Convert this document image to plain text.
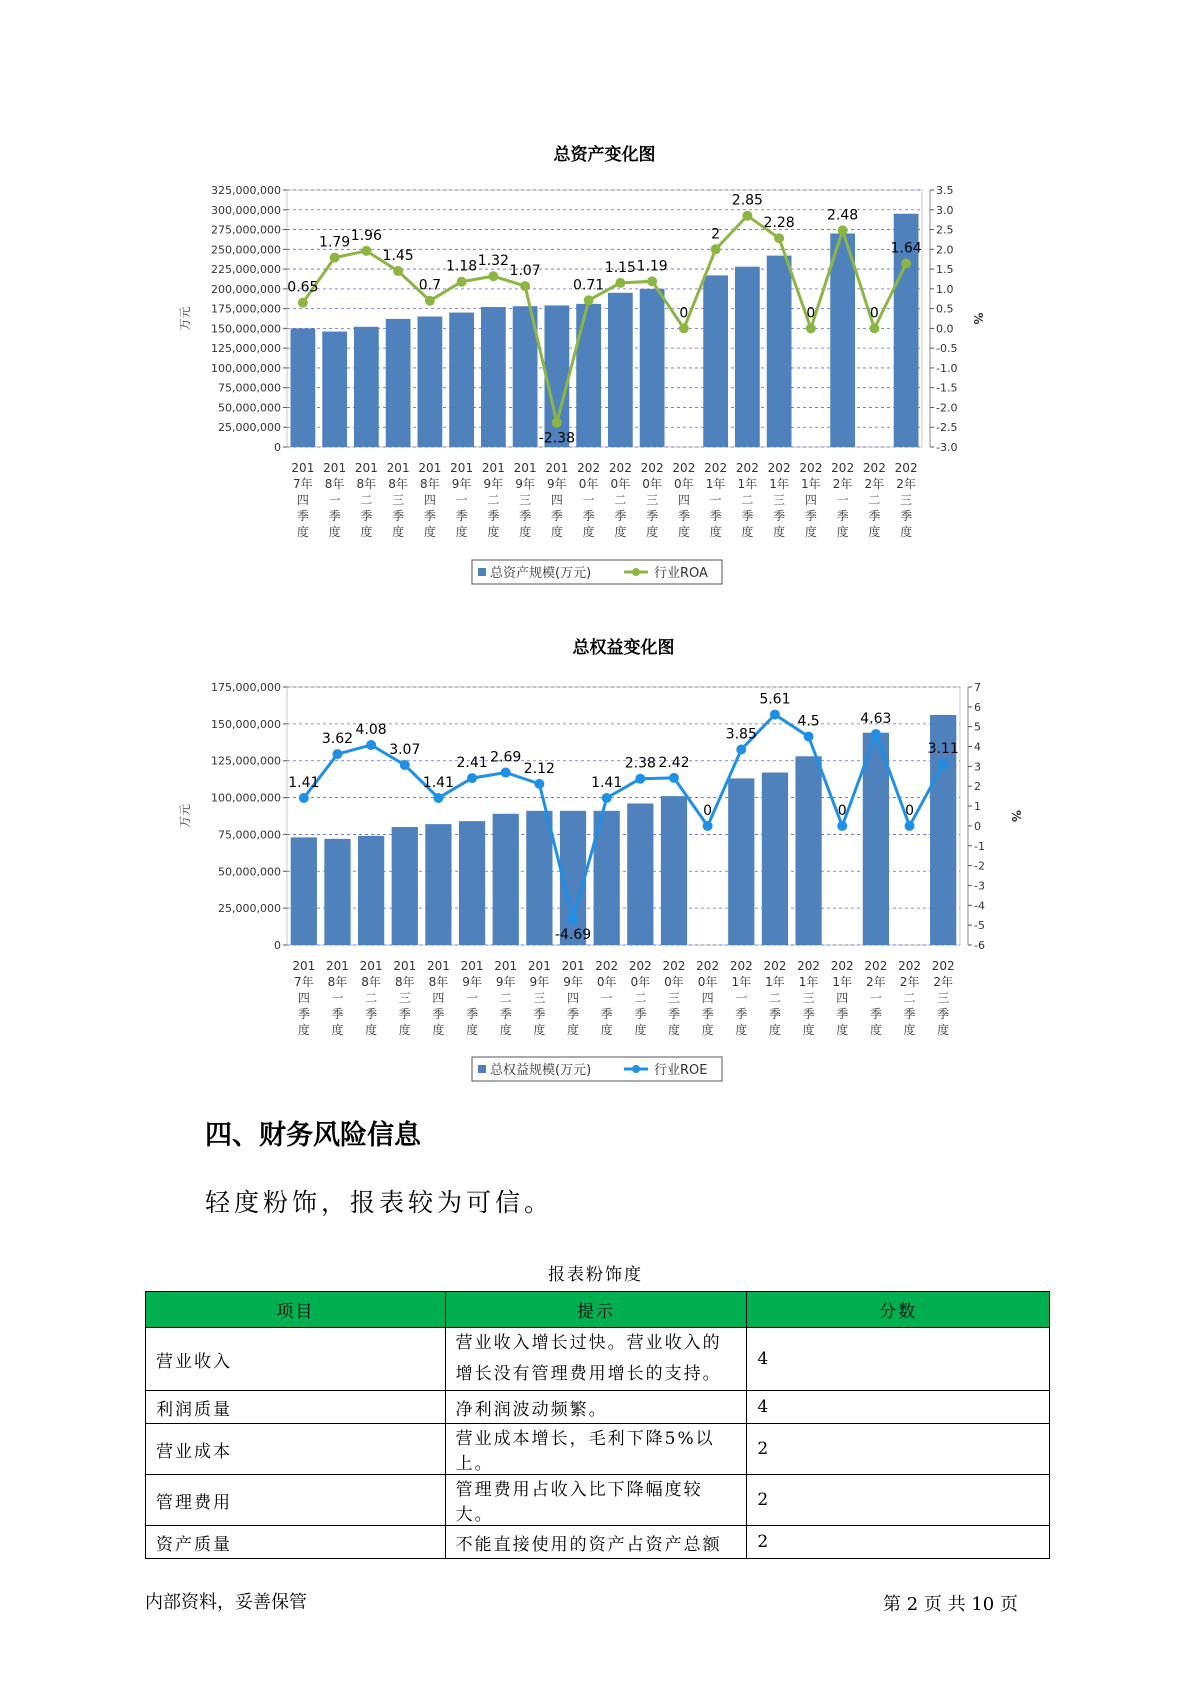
总资产变化图
0
25,000,000
50,000,000
75,000,000
100,000,000
125,000,000
150,000,000
175,000,000
200,000,000
225,000,000
250,000,000
275,000,000
300,000,000
325,000,000
-3.0
-2.5
-2.0
-1.5
-1.0
-0.5
0.0
0.5
1.0
1.5
2.0
2.5
3.0
3.5
万元	%
0.65
1.79 1.96
1.45
0.7
1.18 1.32
1.07
-2.38
0.71
1.15 1.19
0
2
2.85
2.28
0
2.48
0
1.64
201
7年
四
季
度
201
8年
一
季
度
201
8年
二
季
度
201
8年
三
季
度
201
8年
四
季
度
201
9年
一
季
度
201
9年
二
季
度
201
9年
三
季
度
201
9年
四
季
度
202
0年
一
季
度
202
0年
二
季
度
202
0年
三
季
度
202
0年
四
季
度
202
1年
一
季
度
202
1年
二
季
度
202
1年
三
季
度
202
1年
四
季
度
202
2年
一
季
度
202
2年
二
季
度
202
2年
三
季
度
总资产规模(万元)	行业ROA
总权益变化图
0
25,000,000
50,000,000
75,000,000
100,000,000
125,000,000
150,000,000
175,000,000
-6
-5
-4
-3
-2
-1
0
1
2
3
4
5
6
7
万元	%
1.41
3.62
4.08
3.07
1.41
2.41 2.69
2.12
-4.69
1.41
2.38 2.42
0
3.85
5.61
4.5
0
4.63
0
3.11
201
7年
四
季
度
201
8年
一
季
度
201
8年
二
季
度
201
8年
三
季
度
201
8年
四
季
度
201
9年
一
季
度
201
9年
二
季
度
201
9年
三
季
度
201
9年
四
季
度
202
0年
一
季
度
202
0年
二
季
度
202
0年
三
季
度
202
0年
四
季
度
202
1年
一
季
度
202
1年
二
季
度
202
1年
三
季
度
202
1年
四
季
度
202
2年
一
季
度
202
2年
二
季
度
202
2年
三
季
度
总权益规模(万元)	行业ROE
四、财务风险信息

轻度粉饰，报表较为可信。

报表粉饰度
项目	提示	分数
营业收入	营业收入增长过快。营业收入的增长没有管理费用增长的支持。	4
利润质量	净利润波动频繁。	4
营业成本	营业成本增长，毛利下降5%以上。	2
管理费用	管理费用占收入比下降幅度较大。	2
资产质量	不能直接使用的资产占资产总额	2
内部资料，妥善保管	第 2 页 共 10 页
